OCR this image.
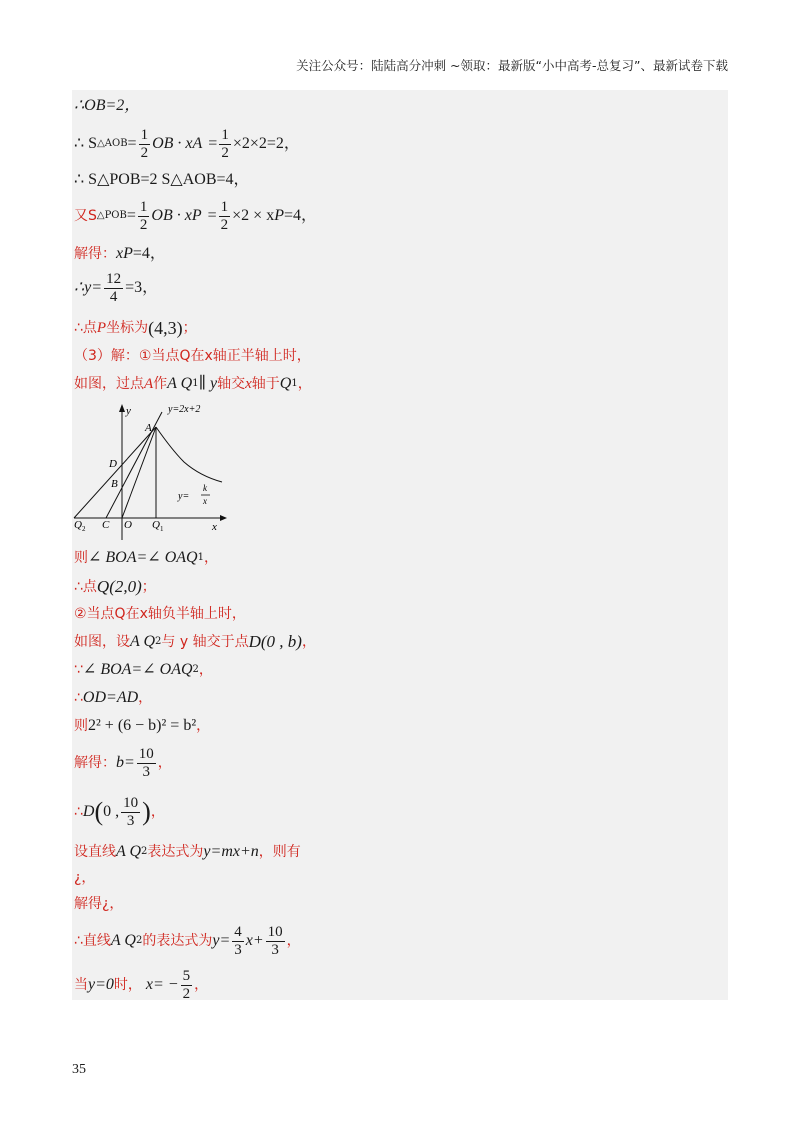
关注公众号：陆陆高分冲刺 ~领取：最新版“小中高考-总复习”、最新试卷下载
∴OB=2，
∴ S △AOB = $\frac{1}{2}$ OB · x $A = \frac{1}{2} \times 2\times 2=2$，
∴ S△POB=2 S△AOB=4，
又S △POB = $\frac{1}{2}$ OB · x $P = \frac{1}{2} \times 2 \times x$ P =4，
解得： x P =4，
∴y= $\frac{12}{4} =3$，
∴点 P 坐标为 (4,3) ；
（3）解：①当点Q在x轴正半轴上时，
如图，过点 A 作 A Q 1 ∥ y 轴交 x 轴于 Q 1 ，
y
x
y=2x+2
y=
k
x
A
D
B
Q 2 C O Q 1
则 ∠ BOA=∠ OAQ 1 ，
∴点 Q(2,0) ；
②当点Q在x轴负半轴上时，
如图，设 A Q 2 与 y 轴交于点 D(0 , b) ，
∵ ∠ BOA=∠ OAQ 2 ，
∴ OD=AD ，
则 2² + (6 − b)² = b² ，
解得： $b= \frac{10}{3}$ ，
∴ D ( 0 , $\frac{10}{3}$ ) ，
设直线 A Q 2 表达式为 y=mx+n ，则有
¿，
解得¿，
∴直线 A Q 2 的表达式为 $y= \frac{4}{3} x+ \frac{10}{3}$ ，
当 y=0 时， $x= - \frac{5}{2}$ ，
35
